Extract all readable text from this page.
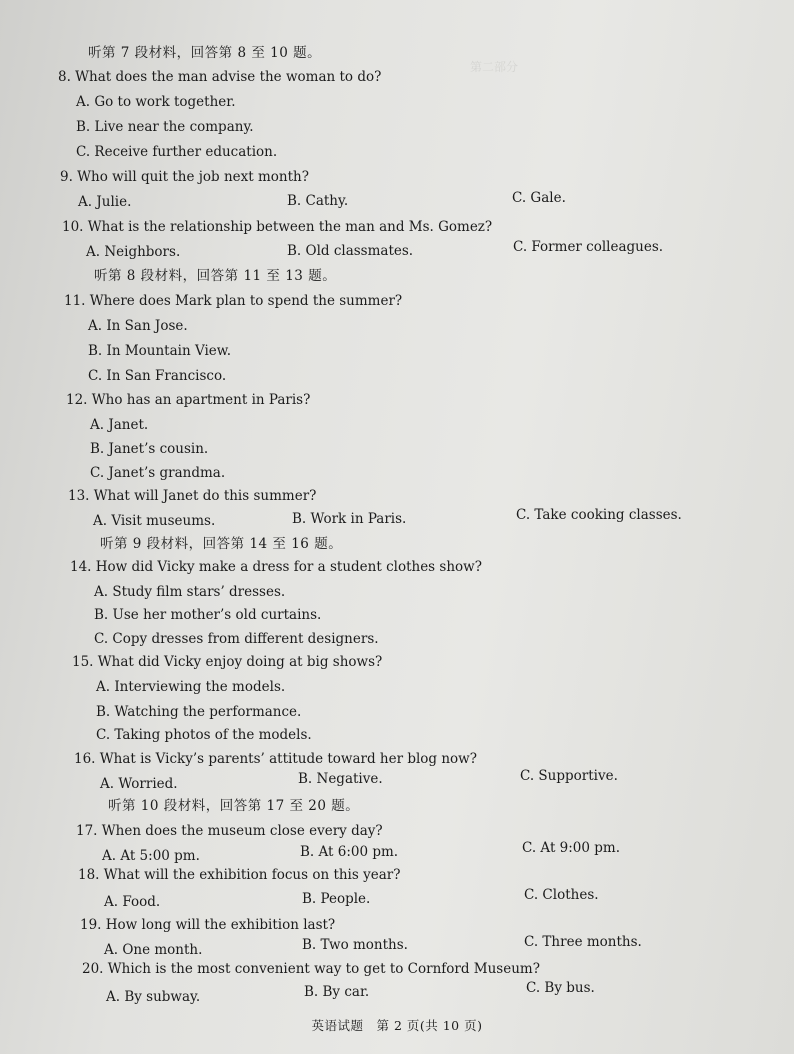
第二部分
听第 7 段材料，回答第 8 至 10 题。
8. What does the man advise the woman to do?
A. Go to work together.
B. Live near the company.
C. Receive further education.
9. Who will quit the job next month?
A. Julie.	B. Cathy.	C. Gale.
10. What is the relationship between the man and Ms. Gomez?
A. Neighbors.	B. Old classmates.	C. Former colleagues.
听第 8 段材料，回答第 11 至 13 题。
11. Where does Mark plan to spend the summer?
A. In San Jose.
B. In Mountain View.
C. In San Francisco.
12. Who has an apartment in Paris?
A. Janet.
B. Janet’s cousin.
C. Janet’s grandma.
13. What will Janet do this summer?
A. Visit museums.	B. Work in Paris.	C. Take cooking classes.
听第 9 段材料，回答第 14 至 16 题。
14. How did Vicky make a dress for a student clothes show?
A. Study film stars’ dresses.
B. Use her mother’s old curtains.
C. Copy dresses from different designers.
15. What did Vicky enjoy doing at big shows?
A. Interviewing the models.
B. Watching the performance.
C. Taking photos of the models.
16. What is Vicky’s parents’ attitude toward her blog now?
A. Worried.	B. Negative.	C. Supportive.
听第 10 段材料，回答第 17 至 20 题。
17. When does the museum close every day?
A. At 5:00 pm.	B. At 6:00 pm.	C. At 9:00 pm.
18. What will the exhibition focus on this year?
A. Food.	B. People.	C. Clothes.
19. How long will the exhibition last?
A. One month.	B. Two months.	C. Three months.
20. Which is the most convenient way to get to Cornford Museum?
A. By subway.	B. By car.	C. By bus.
英语试题　第 2 页(共 10 页)
